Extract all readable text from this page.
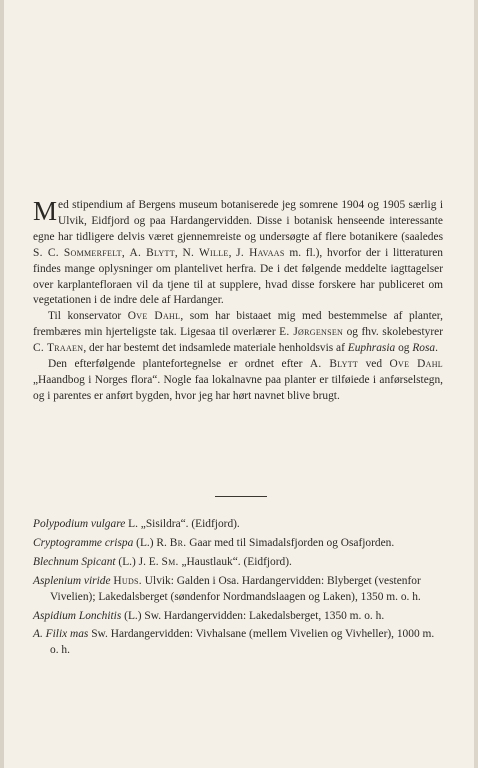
Med stipendium af Bergens museum botaniserede jeg somrene 1904 og 1905 særlig i Ulvik, Eidfjord og paa Hardangervidden. Disse i botanisk henseende interessante egne har tidligere delvis været gjennemreiste og undersøgte af flere botanikere (saaledes S. C. Sommerfelt, A. Blytt, N. Wille, J. Havaas m. fl.), hvorfor der i litteraturen findes mange oplysninger om plantelivet herfra. De i det følgende meddelte iagttagelser over karplantefloraen vil da tjene til at supplere, hvad disse forskere har publiceret om vegetationen i de indre dele af Hardanger.

Til konservator Ove Dahl, som har bistaaet mig med bestemmelse af planter, frembæres min hjerteligste tak. Ligesaa til overlærer E. Jørgensen og fhv. skolebestyrer C. Traaen, der har bestemt det indsamlede materiale henholdsvis af Euphrasia og Rosa.

Den efterfølgende plantefortegnelse er ordnet efter A. Blytt ved Ove Dahl „Haandbog i Norges flora“. Nogle faa lokalnavne paa planter er tilføiede i anførselstegn, og i parentes er anført bygden, hvor jeg har hørt navnet blive brugt.

Polypodium vulgare L. „Sisildra“. (Eidfjord).
Cryptogramme crispa (L.) R. Br. Gaar med til Simadalsfjorden og Osafjorden.
Blechnum Spicant (L.) J. E. Sm. „Haustlauk“. (Eidfjord).
Asplenium viride Huds. Ulvik: Galden i Osa. Hardangervidden: Blyberget (vestenfor Vivelien); Lakedalsberget (søndenfor Nordmandslaagen og Laken), 1350 m. o. h.
Aspidium Lonchitis (L.) Sw. Hardangervidden: Lakedalsberget, 1350 m. o. h.
A. Filix mas Sw. Hardangervidden: Vivhalsane (mellem Vivelien og Vivheller), 1000 m. o. h.
